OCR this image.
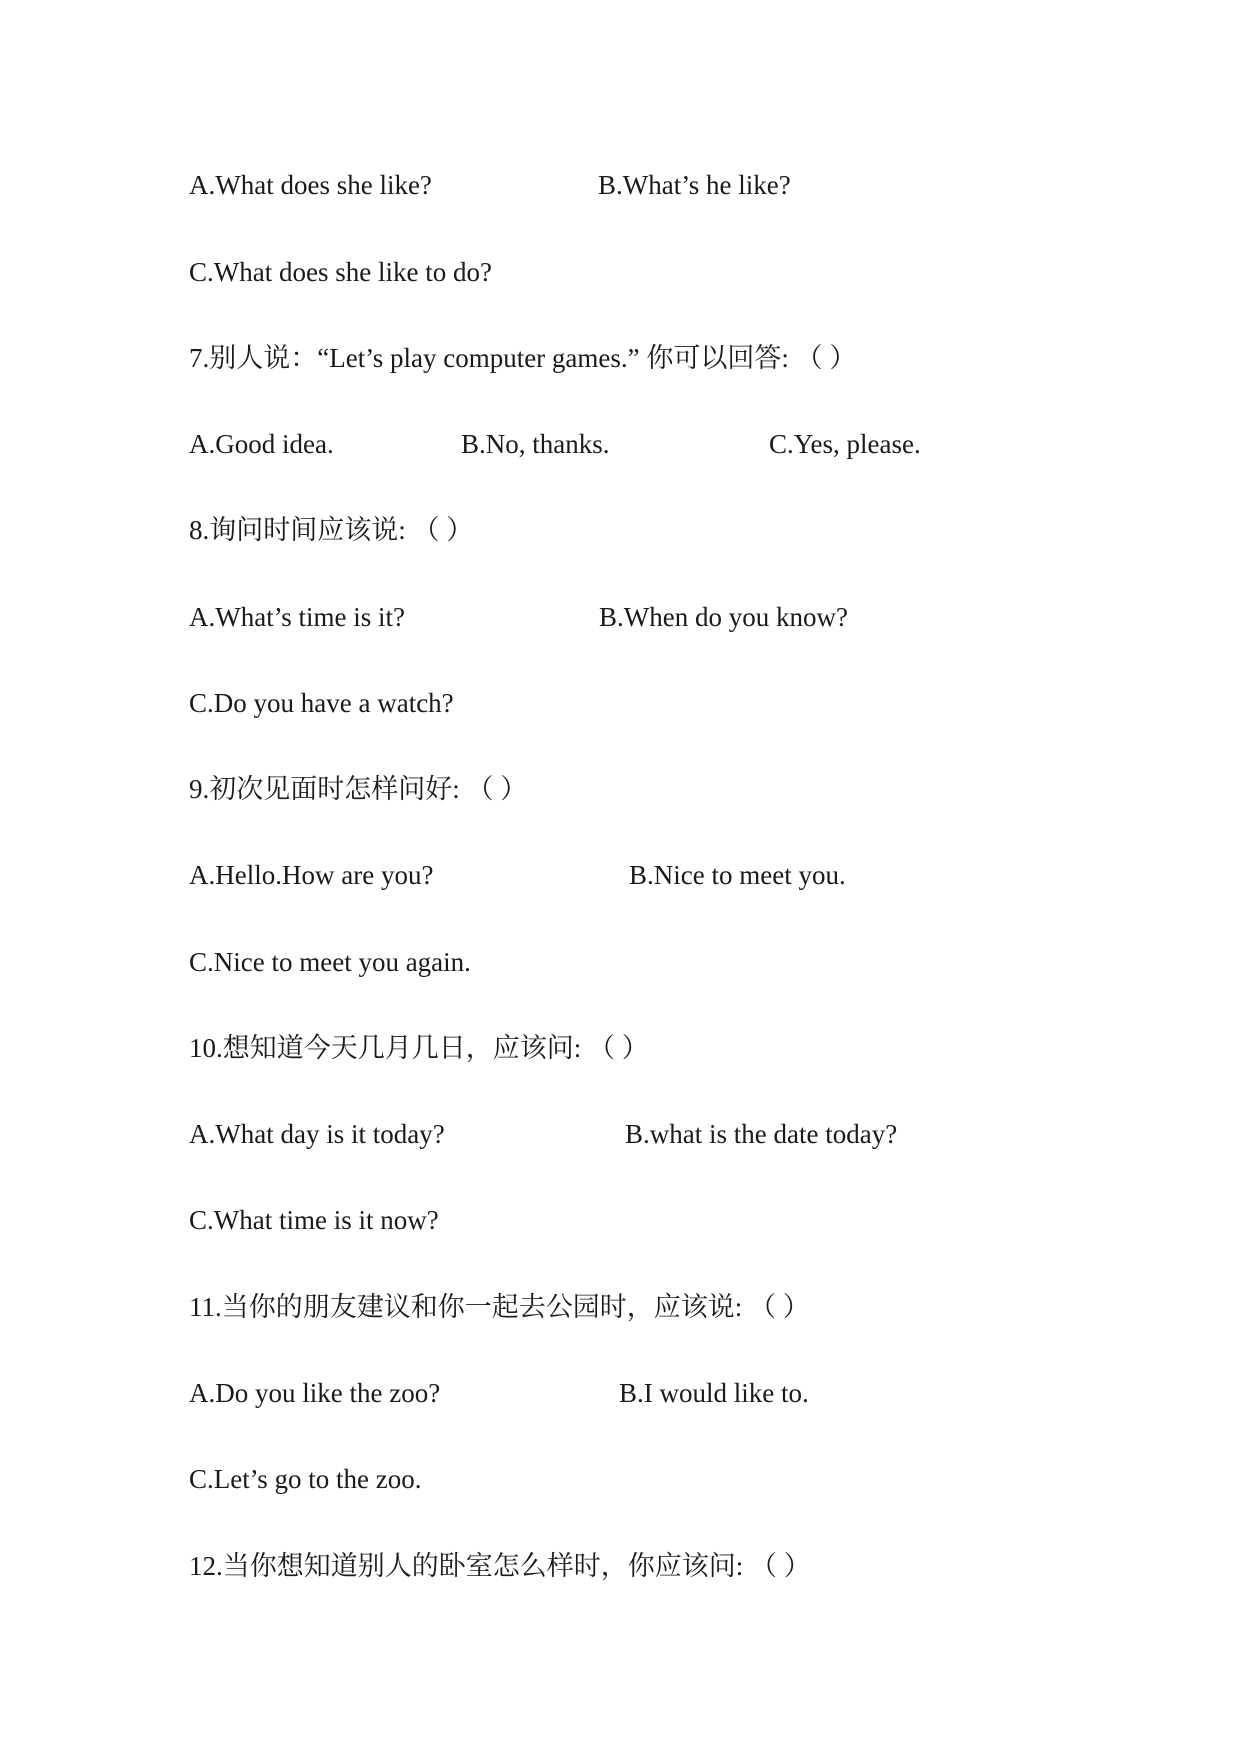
A.What does she like?	B.What’s he like?
C.What does she like to do?
7.别人说：“Let’s play computer games.” 你可以回答: （ ）
A.Good idea.	B.No, thanks.	C.Yes, please.
8.询问时间应该说: （ ）
A.What’s time is it?	B.When do you know?
C.Do you have a watch?
9.初次见面时怎样问好: （ ）
A.Hello.How are you?	B.Nice to meet you.
C.Nice to meet you again.
10.想知道今天几月几日，应该问: （ ）
A.What day is it today?	B.what is the date today?
C.What time is it now?
11.当你的朋友建议和你一起去公园时，应该说: （ ）
A.Do you like the zoo?	B.I would like to.
C.Let’s go to the zoo.
12.当你想知道别人的卧室怎么样时，你应该问: （ ）
